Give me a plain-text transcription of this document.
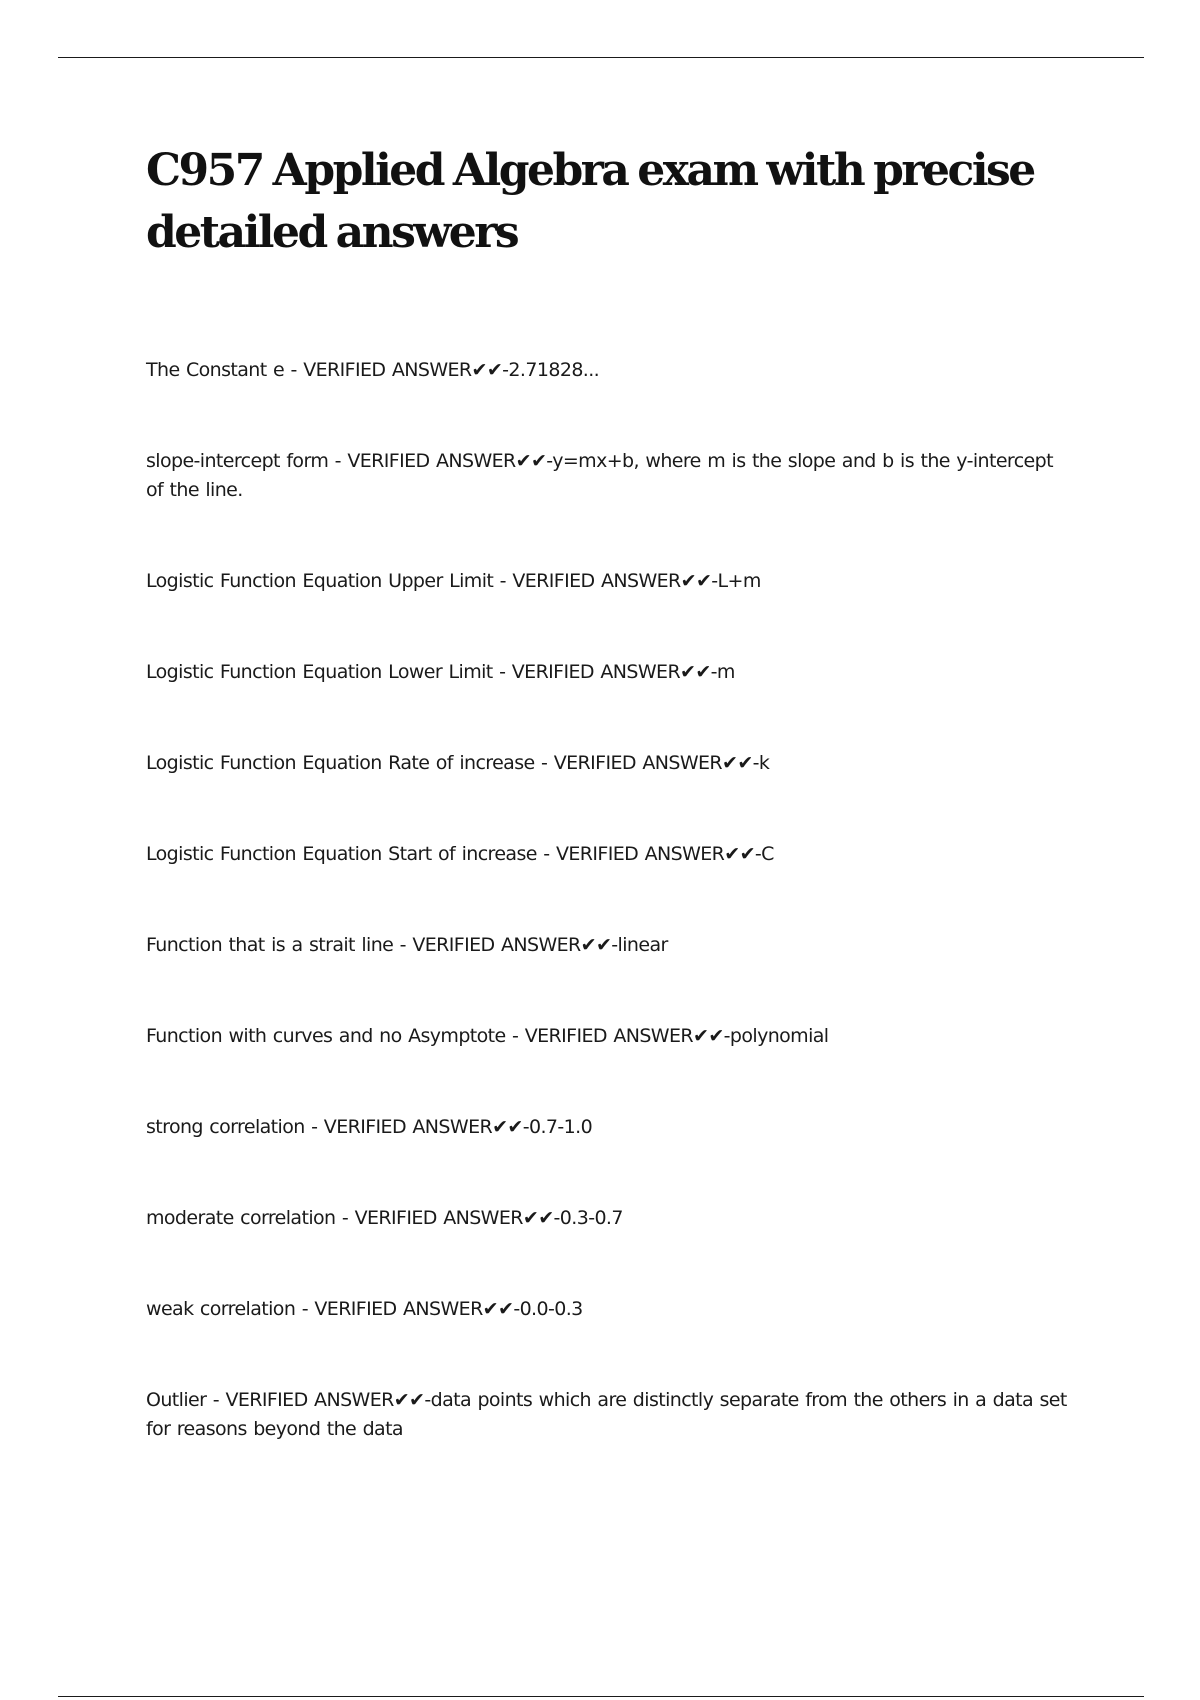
C957 Applied Algebra exam with precise detailed answers
The Constant e - VERIFIED ANSWER✔✔-2.71828...
slope-intercept form - VERIFIED ANSWER✔✔-y=mx+b, where m is the slope and b is the y-intercept of the line.
Logistic Function Equation Upper Limit - VERIFIED ANSWER✔✔-L+m
Logistic Function Equation Lower Limit - VERIFIED ANSWER✔✔-m
Logistic Function Equation Rate of increase - VERIFIED ANSWER✔✔-k
Logistic Function Equation Start of increase - VERIFIED ANSWER✔✔-C
Function that is a strait line - VERIFIED ANSWER✔✔-linear
Function with curves and no Asymptote - VERIFIED ANSWER✔✔-polynomial
strong correlation - VERIFIED ANSWER✔✔-0.7-1.0
moderate correlation - VERIFIED ANSWER✔✔-0.3-0.7
weak correlation - VERIFIED ANSWER✔✔-0.0-0.3
Outlier - VERIFIED ANSWER✔✔-data points which are distinctly separate from the others in a data set for reasons beyond the data
